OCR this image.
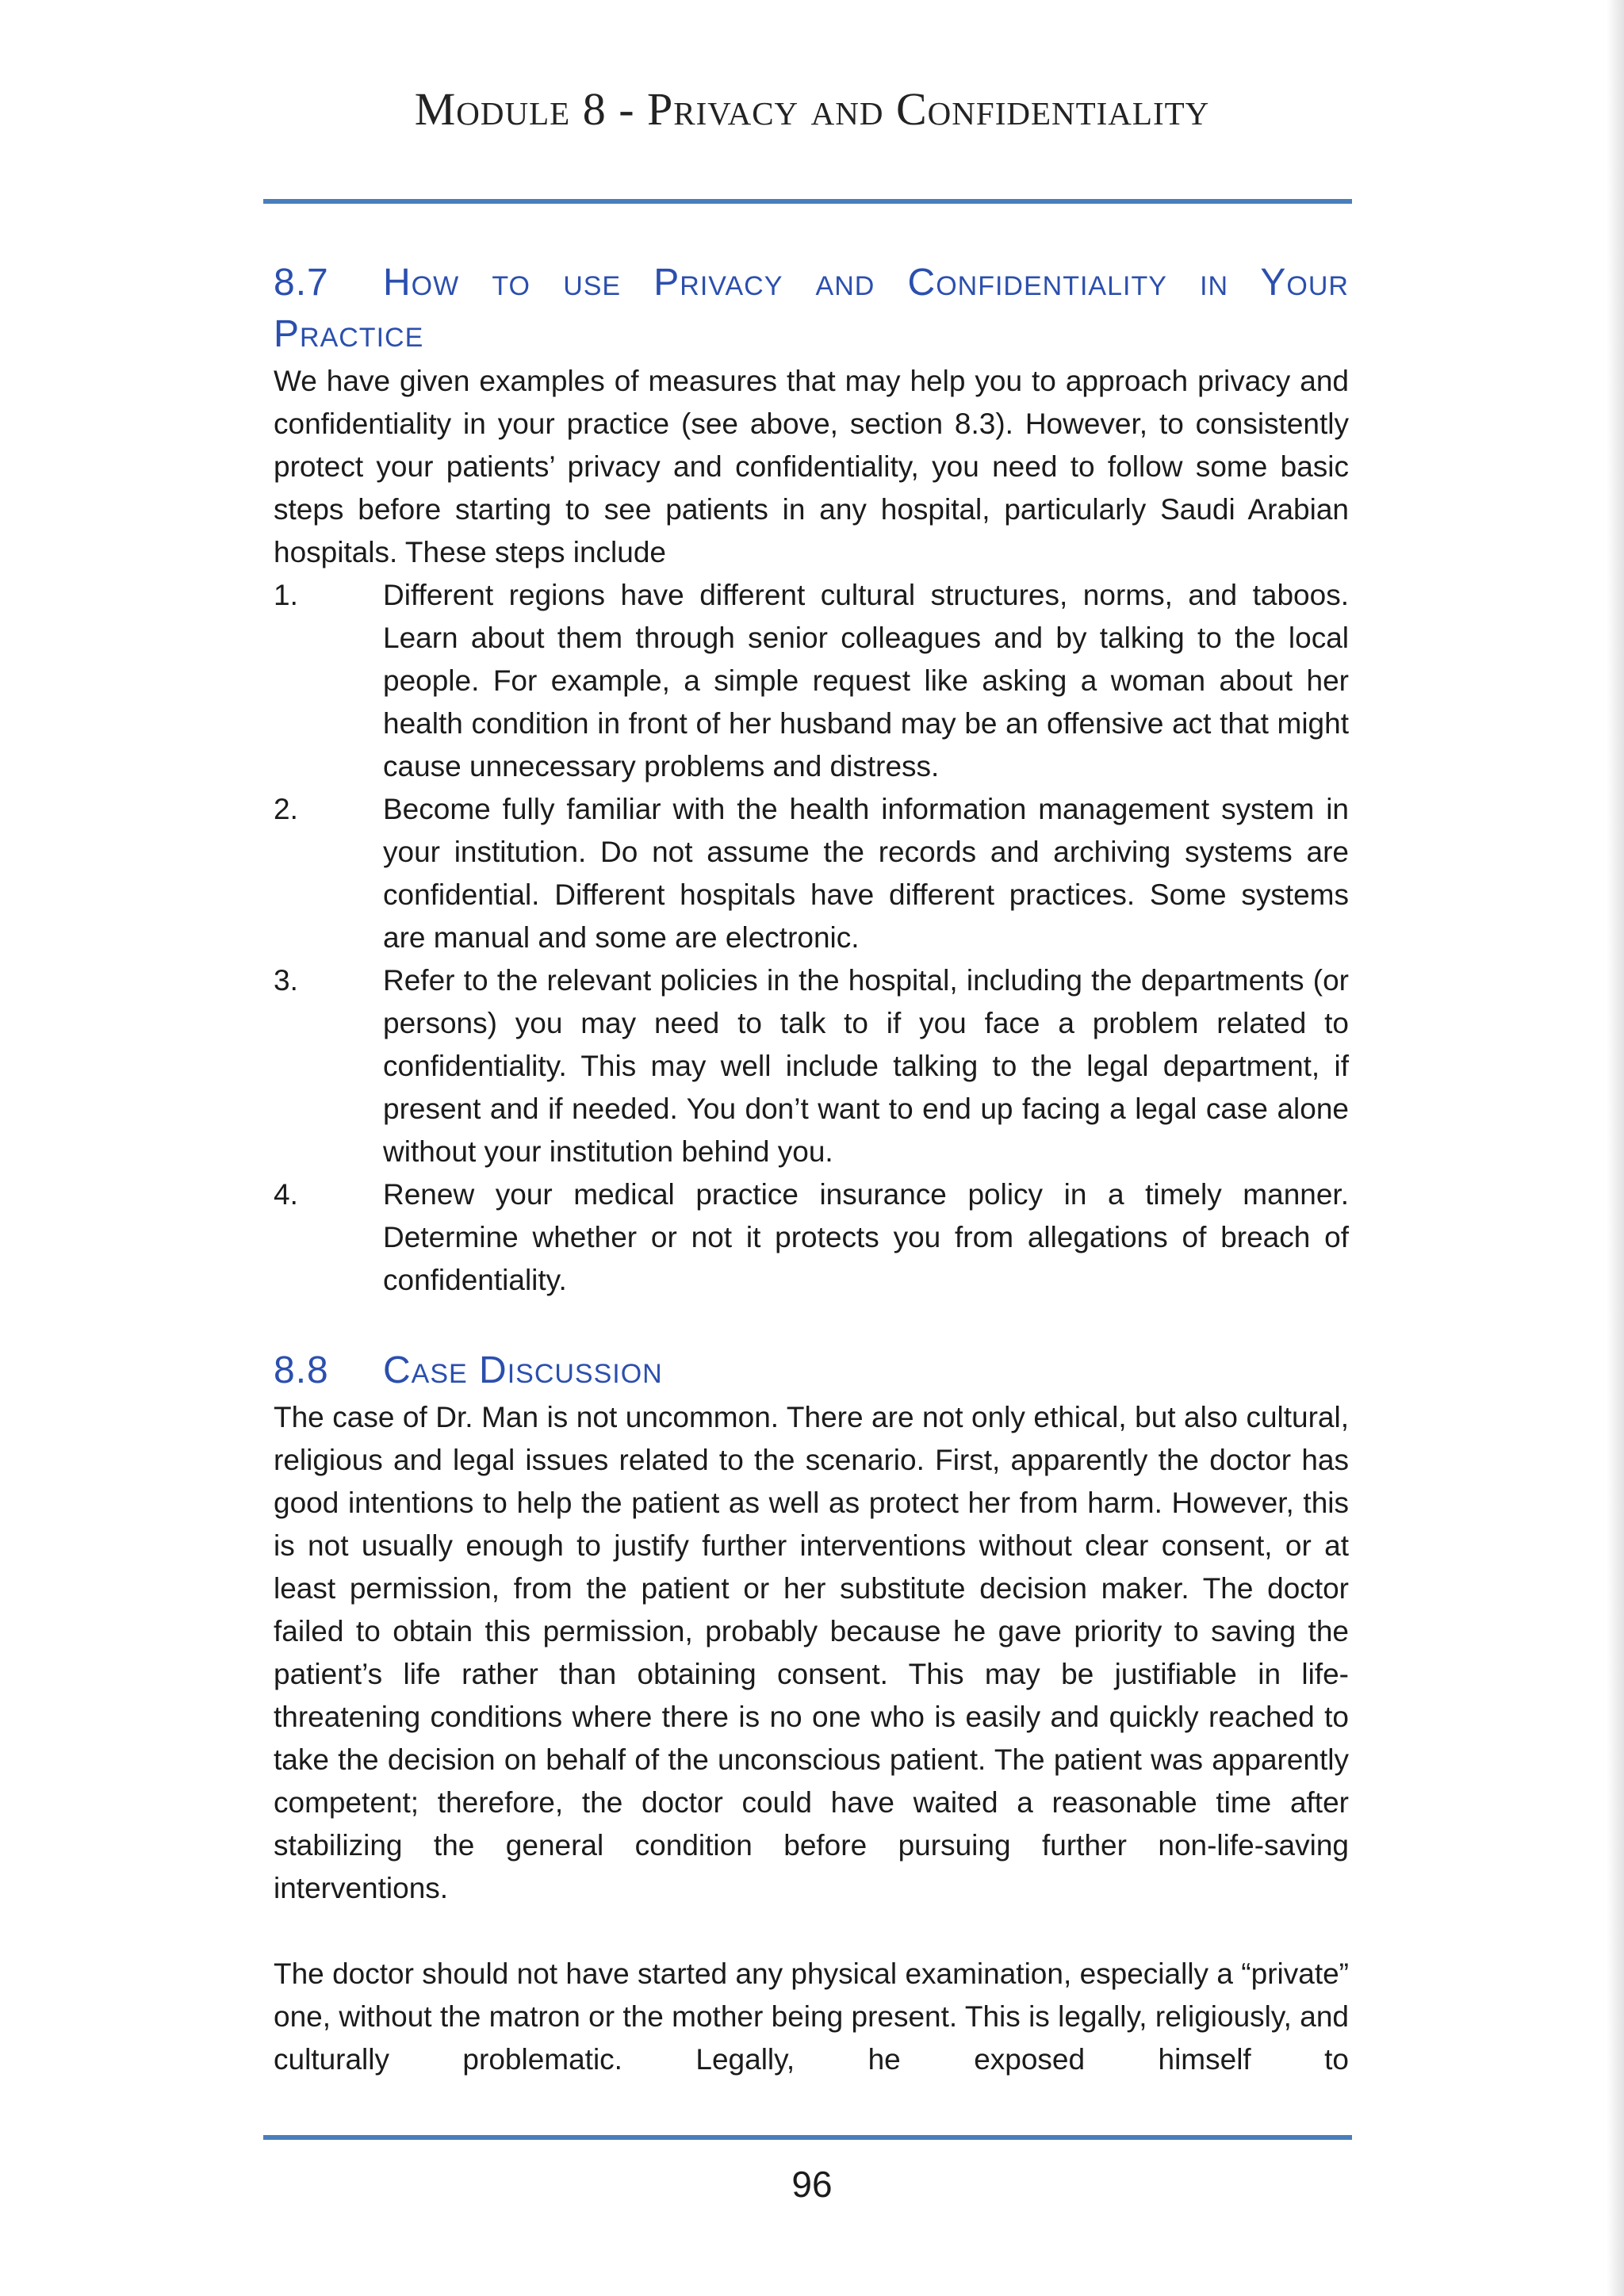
Module 8 - Privacy and Confidentiality
8.7 How to use Privacy and Confidentiality in Your Practice

We have given examples of measures that may help you to approach privacy and confidentiality in your practice (see above, section 8.3). However, to consistently protect your patients’ privacy and confidentiality, you need to follow some basic steps before starting to see patients in any hospital, particularly Saudi Arabian hospitals. These steps include

1.	Different regions have different cultural structures, norms, and taboos. Learn about them through senior colleagues and by talking to the local people. For example, a simple request like asking a woman about her health condition in front of her husband may be an offensive act that might cause unnecessary problems and distress.
2.	Become fully familiar with the health information management system in your institution. Do not assume the records and archiving systems are confidential. Different hospitals have different practices. Some systems are manual and some are electronic.
3.	Refer to the relevant policies in the hospital, including the departments (or persons) you may need to talk to if you face a problem related to confidentiality. This may well include talking to the legal department, if present and if needed. You don’t want to end up facing a legal case alone without your institution behind you.
4.	Renew your medical practice insurance policy in a timely manner. Determine whether or not it protects you from allegations of breach of confidentiality.
8.8 Case Discussion

The case of Dr. Man is not uncommon. There are not only ethical, but also cultural, religious and legal issues related to the scenario. First, apparently the doctor has good intentions to help the patient as well as protect her from harm. However, this is not usually enough to justify further interventions without clear consent, or at least permission, from the patient or her substitute decision maker. The doctor failed to obtain this permission, probably because he gave priority to saving the patient’s life rather than obtaining consent. This may be justifiable in life-threatening conditions where there is no one who is easily and quickly reached to take the decision on behalf of the unconscious patient. The patient was apparently competent; therefore, the doctor could have waited a reasonable time after stabilizing the general condition before pursuing further non-life-saving interventions.

The doctor should not have started any physical examination, especially a “private” one, without the matron or the mother being present. This is legally, religiously, and culturally problematic. Legally, he exposed himself to

96
